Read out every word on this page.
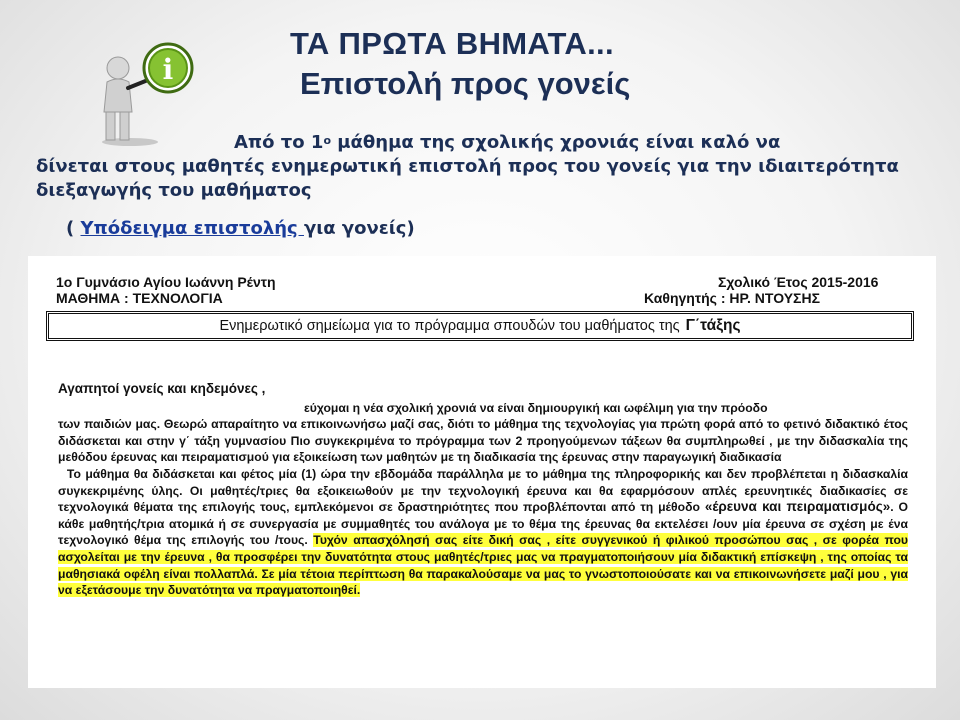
ΤΑ ΠΡΩΤΑ ΒΗΜΑΤΑ...
Επιστολή προς γονείς
i

Από το $1^o$ μάθημα της σχολικής χρονιάς είναι καλό να
δίνεται στους μαθητές ενημερωτική επιστολή προς του γονείς για την ιδιαιτερότητα διεξαγωγής του μαθήματος

( Υπόδειγμα επιστολής για γονείς)
1ο Γυμνάσιο Αγίου Ιωάννη Ρέντη	Σχολικό Έτος 2015-2016
ΜΑΘΗΜΑ : ΤΕΧΝΟΛΟΓΙΑ	Καθηγητής : ΗΡ. ΝΤΟΥΣΗΣ
Ενημερωτικό σημείωμα για το πρόγραμμα σπουδών του μαθήματος της Γ΄τάξης

Αγαπητοί γονείς και κηδεμόνες ,
εύχομαι η νέα σχολική χρονιά να είναι δημιουργική και ωφέλιμη για την πρόοδο
των παιδιών μας. Θεωρώ απαραίτητο να επικοινωνήσω μαζί σας, διότι το μάθημα της τεχνολογίας για πρώτη φορά από το φετινό διδακτικό έτος διδάσκεται και στην γ΄ τάξη γυμνασίου Πιο συγκεκριμένα το πρόγραμμα των 2 προηγούμενων τάξεων θα συμπληρωθεί , με την διδασκαλία της μεθόδου έρευνας και πειραματισμού για εξοικείωση των μαθητών με τη διαδικασία της έρευνας στην παραγωγική διαδικασία
Το μάθημα θα διδάσκεται και φέτος μία (1) ώρα την εβδομάδα παράλληλα με το μάθημα της πληροφορικής και δεν προβλέπεται η διδασκαλία συγκεκριμένης ύλης. Οι μαθητές/τριες θα εξοικειωθούν με την τεχνολογική έρευνα και θα εφαρμόσουν απλές ερευνητικές διαδικασίες σε τεχνολογικά θέματα της επιλογής τους, εμπλεκόμενοι σε δραστηριότητες που προβλέπονται από τη μέθοδο «έρευνα και πειραματισμός». Ο κάθε μαθητής/τρια ατομικά ή σε συνεργασία με συμμαθητές του ανάλογα με το θέμα της έρευνας θα εκτελέσει /ουν μία έρευνα σε σχέση με ένα τεχνολογικό θέμα της επιλογής του /τους. Τυχόν απασχόλησή σας είτε δική σας , είτε συγγενικού ή φιλικού προσώπου σας , σε φορέα που ασχολείται με την έρευνα , θα προσφέρει την δυνατότητα στους μαθητές/τριες μας να πραγματοποιήσουν μία διδακτική επίσκεψη , της οποίας τα μαθησιακά οφέλη είναι πολλαπλά. Σε μία τέτοια περίπτωση θα παρακαλούσαμε να μας το γνωστοποιούσατε και να επικοινωνήσετε μαζί μου , για να εξετάσουμε την δυνατότητα να πραγματοποιηθεί.
